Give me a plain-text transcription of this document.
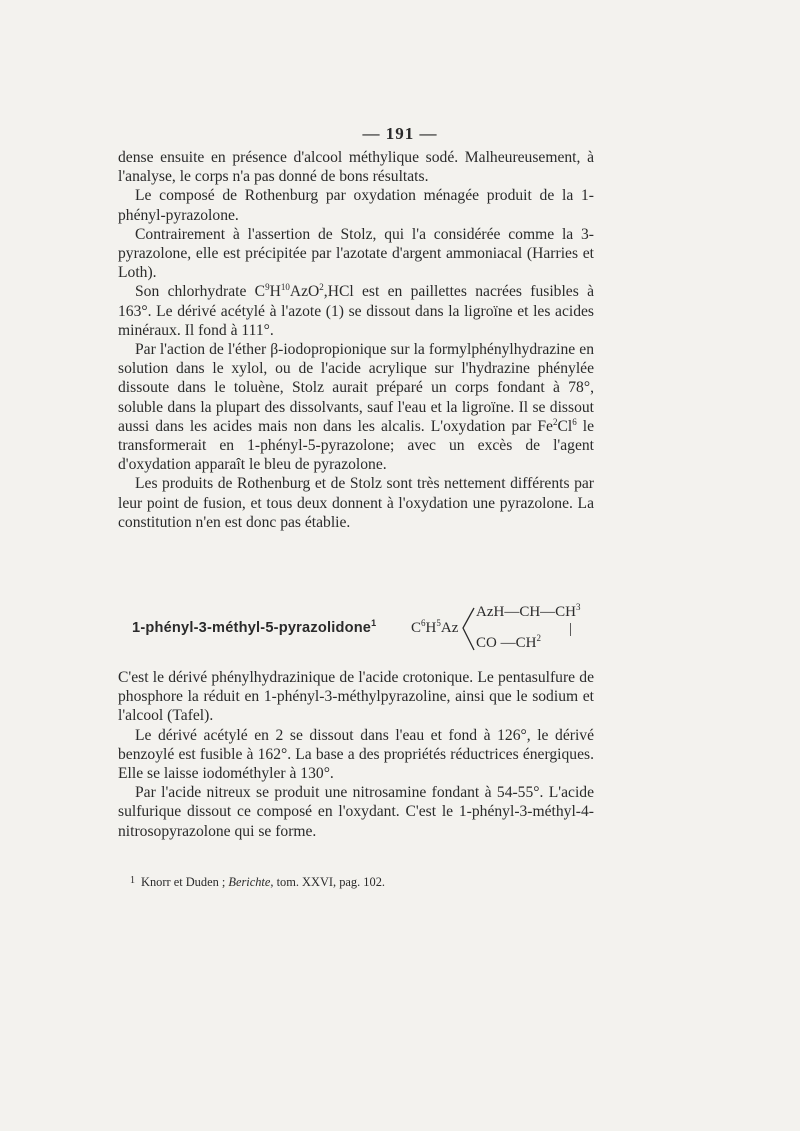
— 191 —

dense ensuite en présence d'alcool méthylique sodé. Malheureusement, à l'analyse, le corps n'a pas donné de bons résultats.

Le composé de Rothenburg par oxydation ménagée produit de la 1-phényl-pyrazolone.

Contrairement à l'assertion de Stolz, qui l'a considérée comme la 3-pyrazolone, elle est précipitée par l'azotate d'argent ammoniacal (Harries et Loth).

Son chlorhydrate $C^9H^{10}AzO^2,HCl$ est en paillettes nacrées fusibles à 163°. Le dérivé acétylé à l'azote (1) se dissout dans la ligroïne et les acides minéraux. Il fond à 111°.

Par l'action de l'éther β-iodopropionique sur la formylphénylhydrazine en solution dans le xylol, ou de l'acide acrylique sur l'hydrazine phénylée dissoute dans le toluène, Stolz aurait préparé un corps fondant à 78°, soluble dans la plupart des dissolvants, sauf l'eau et la ligroïne. Il se dissout aussi dans les acides mais non dans les alcalis. L'oxydation par Fe$^2$Cl$^6$ le transformerait en 1-phényl-5-pyrazolone; avec un excès de l'agent d'oxydation apparaît le bleu de pyrazolone.

Les produits de Rothenburg et de Stolz sont très nettement différents par leur point de fusion, et tous deux donnent à l'oxydation une pyrazolone. La constitution n'en est donc pas établie.

1-phényl-3-méthyl-5-pyrazolidone$^1$ $C^6H^5Az$
$AzH—CH—CH^3$
|
CO $—CH^2$

C'est le dérivé phénylhydrazinique de l'acide crotonique. Le pentasulfure de phosphore la réduit en 1-phényl-3-méthylpyrazoline, ainsi que le sodium et l'alcool (Tafel).

Le dérivé acétylé en 2 se dissout dans l'eau et fond à 126°, le dérivé benzoylé est fusible à 162°. La base a des propriétés réductrices énergiques. Elle se laisse iodométhyler à 130°.

Par l'acide nitreux se produit une nitrosamine fondant à 54-55°. L'acide sulfurique dissout ce composé en l'oxydant. C'est le 1-phényl-3-méthyl-4-nitrosopyrazolone qui se forme.

$^1$ Knorr et Duden ; Berichte, tom. XXVI, pag. 102.
